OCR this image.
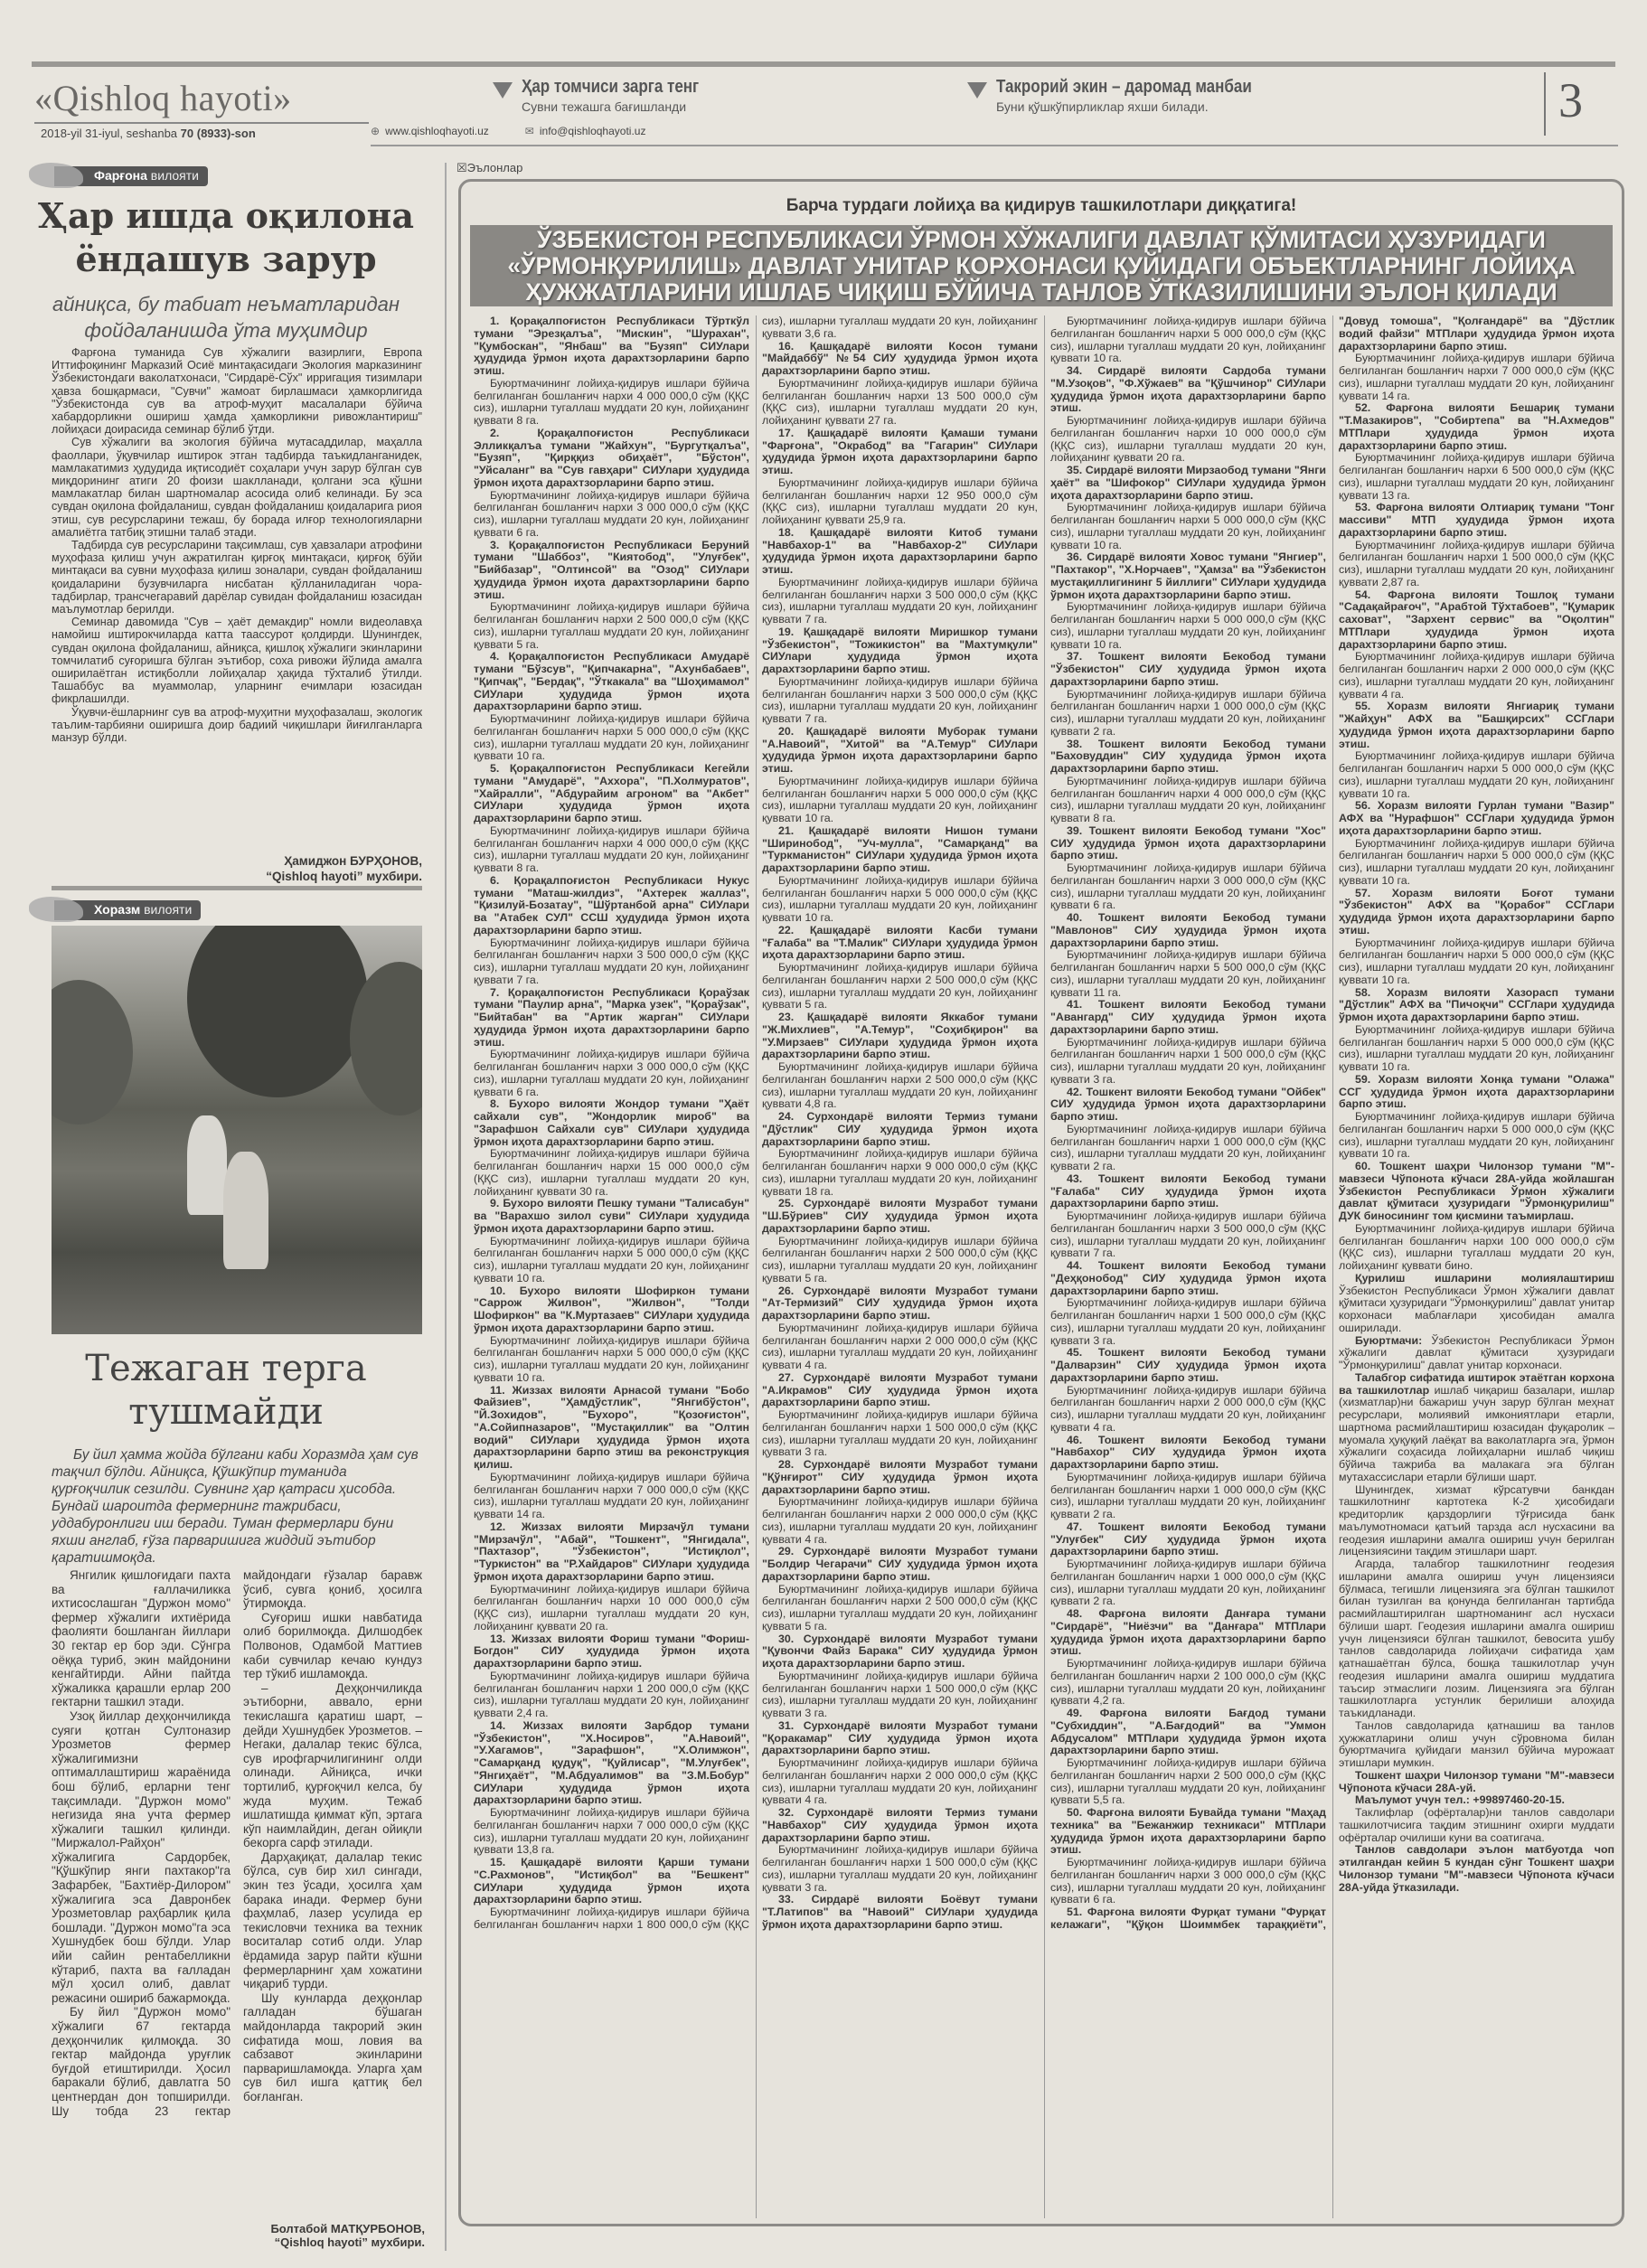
«Qishloq hayoti»
2018-yil 31-iyul, seshanba 70 (8933)-son	⊕ www.qishloqhayoti.uz	✉ info@qishloqhayoti.uz
Ҳар томчиси зарга тенг
Сувни тежашга бағишланди
Такрорий экин – даромад манбаи
Буни қўшкўпирликлар яхши билади.	3
Фарғона вилояти
Ҳар ишда оқилона ёндашув зарур
айниқса, бу табиат неъматларидан фойдаланишда ўта муҳимдир

Фарғона туманида Сув хўжалиги вазирлиги, Европа Иттифоқининг Марказий Осиё минтақасидаги Экология марказининг Ўзбекистондаги ваколатхонаси, "Сирдарё-Сўх" ирригация тизимлари ҳавза бошқармаси, "Сувчи" жамоат бирлашмаси ҳамкорлигида "Ўзбекистонда сув ва атроф-муҳит масалалари бўйича хабардорликни ошириш ҳамда ҳамкорликни ривожлантириш" лойиҳаси доирасида семинар бўлиб ўтди.

Сув хўжалиги ва экология бўйича мутасаддилар, маҳалла фаоллари, ўқувчилар иштирок этган тадбирда таъкидланганидек, мамлакатимиз ҳудудида иқтисодиёт соҳалари учун зарур бўлган сув миқдорининг атиги 20 фоизи шаклланади, қолгани эса қўшни мамлакатлар билан шартномалар асосида олиб келинади. Бу эса сувдан оқилона фойдаланиш, сувдан фойдаланиш қоидаларига риоя этиш, сув ресурсларини тежаш, бу борада илғор технологияларни амалиётга татбиқ этишни талаб этади.

Тадбирда сув ресурсларини тақсимлаш, сув ҳавзалари атрофини муҳофаза қилиш учун ажратилган қирғоқ минтақаси, қирғоқ бўйи минтақаси ва сувни муҳофаза қилиш зоналари, сувдан фойдаланиш қоидаларини бузувчиларга нисбатан қўлланиладиган чора-тадбирлар, трансчегаравий дарёлар сувидан фойдаланиш юзасидан маълумотлар берилди.

Семинар давомида "Сув – ҳаёт демакдир" номли видеолавҳа намойиш иштирокчиларда катта таассурот қолдирди. Шунингдек, сувдан оқилона фойдаланиш, айниқса, қишлоқ хўжалиги экинларини томчилатиб суғоришга бўлган эътибор, соха ривожи йўлида амалга оширилаётган истиқболли лойиҳалар ҳақида тўхталиб ўтилди. Ташаббус ва муаммолар, уларнинг ечимлари юзасидан фикрлашилди.

Ўқувчи-ёшларнинг сув ва атроф-муҳитни муҳофазалаш, экологик таълим-тарбияни оширишга доир бадиий чиқишлари йиғилганларга манзур бўлди.

Ҳамиджон БУРҲОНОВ,
“Qishloq hayoti” мухбири.
Хоразм вилояти
Тежаган терга тушмайди
Бу йил ҳамма жойда бўлгани каби Хоразмда ҳам сув тақчил бўлди. Айниқса, Қўшкўпир туманида қурғоқчилик сезилди. Сувнинг ҳар қатраси ҳисобда. Бундай шароитда фермернинг тажрибаси, уддабуронлиги иш беради. Туман фермерлари буни яхши англаб, ғўза парваришига жиддий эътибор қаратишмоқда.

Янгилик қишлоғидаги пахта ва ғаллачиликка ихтисослашган "Дуржон момо" фермер хўжалиги ихтиёрида фаолияти бошланган йиллари 30 гектар ер бор эди. Сўнгра оёққа туриб, экин майдонини кенгайтирди. Айни пайтда хўжаликка қарашли ерлар 200 гектарни ташкил этади.

Узоқ йиллар деҳқончиликда суяги қотган Султоназир Урозметов фермер хўжалигимизни оптималлаштириш жараёнида бош бўлиб, ерларни тенг тақсимлади. "Дуржон момо" негизида яна учта фермер хўжалиги ташкил қилинди. "Миржалол-Райҳон" хўжалигига Сардорбек, "Қўшкўпир янги пахтакор"га Зафарбек, "Бахтиёр-Дилором" хўжалигига эса Давронбек Урозметовлар раҳбарлик қила бошлади. "Дуржон момо"га эса Хушнудбек бош бўлди. Улар ийи сайин рентабелликни кўтариб, пахта ва ғалладан мўл ҳосил олиб, давлат режасини ошириб бажармоқда.

Бу йил "Дуржон момо" хўжалиги 67 гектарда деҳқончилик қилмоқда. 30 гектар майдонда уруғлик буғдой етиштирилди. Ҳосил баракали бўлиб, давлатга 50 центнердан дон топширилди. Шу тобда 23 гектар майдондаги ғўзалар баравж ўсиб, сувга қониб, ҳосилга ўтирмоқда.

Суғориш ишки навбатида олиб борилмоқда. Дилшодбек Полвонов, Одамбой Маттиев каби сувчилар кечаю кундуз тер тўкиб ишламоқда.

– Деҳқончиликда эътиборни, аввало, ерни текислашга қаратиш шарт, – дейди Хушнудбек Урозметов. – Негаки, далалар текис бўлса, сув ирофгарчилигининг олди олинади. Айниқса, ички тортилиб, қурғоқчил келса, бу жуда муҳим. Тежаб ишлатишда қиммат кўп, эртага кўп наимлайдин, деган ойиқли бекорга сарф этилади.

Дарҳақиқат, далалар текис бўлса, сув бир хил сингади, экин тез ўсади, ҳосилга ҳам барака инади. Фермер буни фаҳмлаб, лазер усулида ер текисловчи техника ва техник воситалар сотиб олди. Улар ёрдамида зарур пайти кўшни фермерларнинг ҳам хожатини чиқариб турди.

Шу кунларда деҳқонлар галладан бўшаган майдонларда такрорий экин сифатида мош, ловия ва сабзавот экинларини парваришламоқда. Уларга ҳам сув бил ишга қаттиқ бел боғланган.

Болтабой МАТҚУРБОНОВ,
“Qishloq hayoti” мухбири.
☒Эълонлар
Барча турдаги лойиҳа ва қидирув ташкилотлари диққатига!
ЎЗБЕКИСТОН РЕСПУБЛИКАСИ ЎРМОН ХЎЖАЛИГИ ДАВЛАТ ҚЎМИТАСИ ҲУЗУРИДАГИ
«ЎРМОНҚУРИЛИШ» ДАВЛАТ УНИТАР КОРХОНАСИ ҚУЙИДАГИ ОБЪЕКТЛАРНИНГ ЛОЙИҲА
ҲУЖЖАТЛАРИНИ ИШЛАБ ЧИҚИШ БЎЙИЧА ТАНЛОВ ЎТКАЗИЛИШИНИ ЭЪЛОН ҚИЛАДИ

1. Қорақалпоғистон Республикаси Тўрткўл тумани "Эрезқалъа", "Мискин", "Шурахан", "Қумбоскан", "Янбаш" ва "Бузяп" СИУлари ҳудудида ўрмон иҳота дарахтзорларини барпо этиш.

Буюртмачининг лойиҳа-қидирув ишлари бўйича белгиланган бошланғич нархи 4 000 000,0 сўм (ҚҚС сиз), ишларни тугаллаш муддати 20 кун, лойиҳанинг қуввати 8 га.

2.	Қорақалпоғистон Республикаси Элликқалъа тумани "Жайхун", "Бургутқалъа", "Бузяп", "Қирққиз обиҳаёт", "Бўстон", "Уйсаланг" ва "Сув гавҳари" СИУлари ҳудудида ўрмон иҳота дарахтзорларини барпо этиш.

Буюртмачининг лойиҳа-қидирув ишлари бўйича белгиланган бошланғич нархи 3 000 000,0 сўм (ҚҚС сиз), ишларни тугаллаш муддати 20 кун, лойиҳанинг қуввати 6 га.

3. Қорақалпоғистон Республикаси Беруний тумани "Шаббоз", "Киятобод", "Улуғбек", "Бийбазар", "Олтинсой" ва "Озод" СИУлари ҳудудида ўрмон иҳота дарахтзорларини барпо этиш.

Буюртмачининг лойиҳа-қидирув ишлари бўйича белгиланган бошланғич нархи 2 500 000,0 сўм (ҚҚС сиз), ишларни тугаллаш муддати 20 кун, лойиҳанинг қуввати 5 га.

4. Қорақалпоғистон Республикаси Амударё тумани "Бўзсув", "Қипчакарна", "Ахунбабаев", "Қипчақ", "Бердақ", "Ўткакала" ва "Шоҳимамол" СИУлари ҳудудида ўрмон иҳота дарахтзорларини барпо этиш.

Буюртмачининг лойиҳа-қидирув ишлари бўйича белгиланган бошланғич нархи 5 000 000,0 сўм (ҚҚС сиз), ишларни тугаллаш муддати 20 кун, лойиҳанинг қуввати 10 га.

5. Қорақалпоғистон Республикаси Кегейли тумани "Амударё", "Аххора", "П.Холмуратов", "Хайралли", "Абдурайим агроном" ва "Акбет" СИУлари ҳудудида ўрмон иҳота дарахтзорларини барпо этиш.

Буюртмачининг лойиҳа-қидирув ишлари бўйича белгиланган бошланғич нархи 4 000 000,0 сўм (ҚҚС сиз), ишларни тугаллаш муддати 20 кун, лойиҳанинг қуввати 8 га.

6. Қорақалпоғистон Республикаси Нукус тумани "Маташ-жилдиз", "Ахтерек жаллаз", "Қизилуй-Бозатау", "Шўртанбой арна" СИУлари ва "Атабек СУЛ" ССШ ҳудудида ўрмон иҳота дарахтзорларини барпо этиш.

Буюртмачининг лойиҳа-қидирув ишлари бўйича белгиланган бошланғич нархи 3 500 000,0 сўм (ҚҚС сиз), ишларни тугаллаш муддати 20 кун, лойиҳанинг қуввати 7 га.

7. Қорақалпоғистон Республикаси Қораўзак тумани "Паулир арна", "Марка узек", "Қораўзак", "Бийтабан" ва "Артик жарган" СИУлари ҳудудида ўрмон иҳота дарахтзорларини барпо этиш.

Буюртмачининг лойиҳа-қидирув ишлари бўйича белгиланган бошланғич нархи 3 000 000,0 сўм (ҚҚС сиз), ишларни тугаллаш муддати 20 кун, лойиҳанинг қуввати 6 га.

8. Бухоро вилояти Жондор тумани "Ҳаёт сайхали сув", "Жондорлик мироб" ва "Зарафшон Сайхали сув" СИУлари ҳудудида ўрмон иҳота дарахтзорларини барпо этиш.

Буюртмачининг лойиҳа-қидирув ишлари бўйича белгиланган бошланғич нархи 15 000 000,0 сўм (ҚҚС сиз), ишларни тугаллаш муддати 20 кун, лойиҳанинг қуввати 30 га.

9. Бухоро вилояти Пешку тумани "Талисабун" ва "Варахшо зилол суви" СИУлари ҳудудида ўрмон иҳота дарахтзорларини барпо этиш.

Буюртмачининг лойиҳа-қидирув ишлари бўйича белгиланган бошланғич нархи 5 000 000,0 сўм (ҚҚС сиз), ишларни тугаллаш муддати 20 кун, лойиҳанинг қуввати 10 га.

10. Бухоро вилояти Шофиркон тумани "Саррож Жилвон", "Жилвон", "Толди Шофиркон" ва "К.Муртазаев" СИУлари ҳудудида ўрмон иҳота дарахтзорларини барпо этиш.

Буюртмачининг лойиҳа-қидирув ишлари бўйича белгиланган бошланғич нархи 5 000 000,0 сўм (ҚҚС сиз), ишларни тугаллаш муддати 20 кун, лойиҳанинг қуввати 10 га.

11. Жиззах вилояти Арнасой тумани "Бобо Файзиев", "Ҳамдўстлик", "Янгибўстон", "Й.Зохидов", "Бухоро", "Қозоғистон", "А.Сойипназаров", "Мустақиллик" ва "Олтин водий" СИУлари ҳудудида ўрмон иҳота дарахтзорларини барпо этиш ва реконструкция қилиш.

Буюртмачининг лойиҳа-қидирув ишлари бўйича белгиланган бошланғич нархи 7 000 000,0 сўм (ҚҚС сиз), ишларни тугаллаш муддати 20 кун, лойиҳанинг қуввати 14 га.

12. Жиззах вилояти Мирзачўл тумани "Мирзачўл", "Абай", "Тошкент", "Янгидала", "Пахтазор", "Ўзбекистон", "Истиқлол", "Туркистон" ва "Р.Хайдаров" СИУлари ҳудудида ўрмон иҳота дарахтзорларини барпо этиш.

Буюртмачининг лойиҳа-қидирув ишлари бўйича белгиланган бошланғич нархи 10 000 000,0 сўм (ҚҚС сиз), ишларни тугаллаш муддати 20 кун, лойиҳанинг қуввати 20 га.

13. Жиззах вилояти Фориш тумани "Фориш-Богдон" СИУ ҳудудида ўрмон иҳота дарахтзорларини барпо этиш.

Буюртмачининг лойиҳа-қидирув ишлари бўйича белгиланган бошланғич нархи 1 200 000,0 сўм (ҚҚС сиз), ишларни тугаллаш муддати 20 кун, лойиҳанинг қуввати 2,4 га.

14. Жиззах вилояти Зарбдор тумани "Ўзбекистон", "Х.Носиров", "А.Навоий", "У.Хагамов", "Зарафшон", "Х.Олимжон", "Самарқанд қудуқ", "Қуйлисар", "М.Улуғбек", "Янгиҳаёт", "М.Абдуалимов" ва "З.М.Бобур" СИУлари ҳудудида ўрмон иҳота дарахтзорларини барпо этиш.

Буюртмачининг лойиҳа-қидирув ишлари бўйича белгиланган бошланғич нархи 7 000 000,0 сўм (ҚҚС сиз), ишларни тугаллаш муддати 20 кун, лойиҳанинг қуввати 13,8 га.

15. Қашқадарё вилояти Қарши тумани "С.Рахмонов", "Истиқбол" ва "Бешкент" СИУлари ҳудудида ўрмон иҳота дарахтзорларини барпо этиш.

Буюртмачининг лойиҳа-қидирув ишлари бўйича белгиланган бошланғич нархи 1 800 000,0 сўм (ҚҚС сиз), ишларни тугаллаш муддати 20 кун, лойиҳанинг қуввати 3,6 га.

16. Қашқадарё вилояти Косон тумани "Майдаббў" №54 СИУ ҳудудида ўрмон иҳота дарахтзорларини барпо этиш.

Буюртмачининг лойиҳа-қидирув ишлари бўйича белгиланган бошланғич нархи 13 500 000,0 сўм (ҚҚС сиз), ишларни тугаллаш муддати 20 кун, лойиҳанинг қуввати 27 га.

17. Қашқадарё вилояти Қамаши тумани "Фарғона", "Окрабод" ва "Гагарин" СИУлари ҳудудида ўрмон иҳота дарахтзорларини барпо этиш.

Буюртмачининг лойиҳа-қидирув ишлари бўйича белгиланган бошланғич нархи 12 950 000,0 сўм (ҚҚС сиз), ишларни тугаллаш муддати 20 кун, лойиҳанинг қуввати 25,9 га.

18. Қашқадарё вилояти Китоб тумани "Навбахор-1" ва "Навбахор-2" СИУлари ҳудудида ўрмон иҳота дарахтзорларини барпо этиш.

Буюртмачининг лойиҳа-қидирув ишлари бўйича белгиланган бошланғич нархи 3 500 000,0 сўм (ҚҚС сиз), ишларни тугаллаш муддати 20 кун, лойиҳанинг қуввати 7 га.

19. Қашқадарё вилояти Миришкор тумани "Ўзбекистон", "Тожикистон" ва "Махтумқули" СИУлари ҳудудида ўрмон иҳота дарахтзорларини барпо этиш.

Буюртмачининг лойиҳа-қидирув ишлари бўйича белгиланган бошланғич нархи 3 500 000,0 сўм (ҚҚС сиз), ишларни тугаллаш муддати 20 кун, лойиҳанинг қуввати 7 га.

20. Қашқадарё вилояти Муборак тумани "А.Навоий", "Хитой" ва "А.Темур" СИУлари ҳудудида ўрмон иҳота дарахтзорларини барпо этиш.

Буюртмачининг лойиҳа-қидирув ишлари бўйича белгиланган бошланғич нархи 5 000 000,0 сўм (ҚҚС сиз), ишларни тугаллаш муддати 20 кун, лойиҳанинг қуввати 10 га.

21. Қашқадарё вилояти Нишон тумани "Ширинобод", "Уч-мулла", "Самарқанд" ва "Туркманистон" СИУлари ҳудудида ўрмон иҳота дарахтзорларини барпо этиш.

Буюртмачининг лойиҳа-қидирув ишлари бўйича белгиланган бошланғич нархи 5 000 000,0 сўм (ҚҚС сиз), ишларни тугаллаш муддати 20 кун, лойиҳанинг қуввати 10 га.

22. Қашқадарё вилояти Касби тумани "Ғалаба" ва "Т.Малик" СИУлари ҳудудида ўрмон иҳота дарахтзорларини барпо этиш.

Буюртмачининг лойиҳа-қидирув ишлари бўйича белгиланган бошланғич нархи 2 500 000,0 сўм (ҚҚС сиз), ишларни тугаллаш муддати 20 кун, лойиҳанинг қуввати 5 га.

23. Қашқадарё вилояти Яккабоғ тумани "Ж.Михлиев", "А.Темур", "Соҳибқирон" ва "У.Мирзаев" СИУлари ҳудудида ўрмон иҳота дарахтзорларини барпо этиш.

Буюртмачининг лойиҳа-қидирув ишлари бўйича белгиланган бошланғич нархи 2 500 000,0 сўм (ҚҚС сиз), ишларни тугаллаш муддати 20 кун, лойиҳанинг қуввати 4,8 га.

24. Сурхондарё вилояти Термиз тумани "Дўстлик" СИУ ҳудудида ўрмон иҳота дарахтзорларини барпо этиш.

Буюртмачининг лойиҳа-қидирув ишлари бўйича белгиланган бошланғич нархи 9 000 000,0 сўм (ҚҚС сиз), ишларни тугаллаш муддати 20 кун, лойиҳанинг қуввати 18 га.

25. Сурхондарё вилояти Музработ тумани "Ш.Бўриев" СИУ ҳудудида ўрмон иҳота дарахтзорларини барпо этиш.

Буюртмачининг лойиҳа-қидирув ишлари бўйича белгиланган бошланғич нархи 2 500 000,0 сўм (ҚҚС сиз), ишларни тугаллаш муддати 20 кун, лойиҳанинг қуввати 5 га.

26. Сурхондарё вилояти Музработ тумани "Ат-Термизий" СИУ ҳудудида ўрмон иҳота дарахтзорларини барпо этиш.

Буюртмачининг лойиҳа-қидирув ишлари бўйича белгиланган бошланғич нархи 2 000 000,0 сўм (ҚҚС сиз), ишларни тугаллаш муддати 20 кун, лойиҳанинг қуввати 4 га.

27. Сурхондарё вилояти Музработ тумани "А.Икрамов" СИУ ҳудудида ўрмон иҳота дарахтзорларини барпо этиш.

Буюртмачининг лойиҳа-қидирув ишлари бўйича белгиланган бошланғич нархи 1 500 000,0 сўм (ҚҚС сиз), ишларни тугаллаш муддати 20 кун, лойиҳанинг қуввати 3 га.

28. Сурхондарё вилояти Музработ тумани "Қўнғирот" СИУ ҳудудида ўрмон иҳота дарахтзорларини барпо этиш.

Буюртмачининг лойиҳа-қидирув ишлари бўйича белгиланган бошланғич нархи 2 000 000,0 сўм (ҚҚС сиз), ишларни тугаллаш муддати 20 кун, лойиҳанинг қуввати 4 га.

29. Сурхондарё вилояти Музработ тумани "Болдир Чегарачи" СИУ ҳудудида ўрмон иҳота дарахтзорларини барпо этиш.

Буюртмачининг лойиҳа-қидирув ишлари бўйича белгиланган бошланғич нархи 2 500 000,0 сўм (ҚҚС сиз), ишларни тугаллаш муддати 20 кун, лойиҳанинг қуввати 5 га.

30. Сурхондарё вилояти Музработ тумани "Қувончи Файз Барака" СИУ ҳудудида ўрмон иҳота дарахтзорларини барпо этиш.

Буюртмачининг лойиҳа-қидирув ишлари бўйича белгиланган бошланғич нархи 1 500 000,0 сўм (ҚҚС сиз), ишларни тугаллаш муддати 20 кун, лойиҳанинг қуввати 3 га.

31. Сурхондарё вилояти Музработ тумани "Қоракамар" СИУ ҳудудида ўрмон иҳота дарахтзорларини барпо этиш.

Буюртмачининг лойиҳа-қидирув ишлари бўйича белгиланган бошланғич нархи 2 000 000,0 сўм (ҚҚС сиз), ишларни тугаллаш муддати 20 кун, лойиҳанинг қуввати 4 га.

32. Сурхондарё вилояти Термиз тумани "Навбахор" СИУ ҳудудида ўрмон иҳота дарахтзорларини барпо этиш.

Буюртмачининг лойиҳа-қидирув ишлари бўйича белгиланган бошланғич нархи 1 500 000,0 сўм (ҚҚС сиз), ишларни тугаллаш муддати 20 кун, лойиҳанинг қуввати 3 га.

33. Сирдарё вилояти Боёвут тумани "Т.Латипов" ва "Навоий" СИУлари ҳудудида ўрмон иҳота дарахтзорларини барпо этиш.

Буюртмачининг лойиҳа-қидирув ишлари бўйича белгиланган бошланғич нархи 5 000 000,0 сўм (ҚҚС сиз), ишларни тугаллаш муддати 20 кун, лойиҳанинг қуввати 10 га.

34. Сирдарё вилояти Сардоба тумани "М.Узоқов", "Ф.Хўжаев" ва "Қўшчинор" СИУлари ҳудудида ўрмон иҳота дарахтзорларини барпо этиш.

Буюртмачининг лойиҳа-қидирув ишлари бўйича белгиланган бошланғич нархи 10 000 000,0 сўм (ҚҚС сиз), ишларни тугаллаш муддати 20 кун, лойиҳанинг қуввати 20 га.

35. Сирдарё вилояти Мирзаобод тумани "Янги ҳаёт" ва "Шифокор" СИУлари ҳудудида ўрмон иҳота дарахтзорларини барпо этиш.

Буюртмачининг лойиҳа-қидирув ишлари бўйича белгиланган бошланғич нархи 5 000 000,0 сўм (ҚҚС сиз), ишларни тугаллаш муддати 20 кун, лойиҳанинг қуввати 10 га.

36. Сирдарё вилояти Ховос тумани "Янгиер", "Пахтакор", "Х.Норчаев", "Ҳамза" ва "Ўзбекистон мустақиллигининг 5 йиллиги" СИУлари ҳудудида ўрмон иҳота дарахтзорларини барпо этиш.

Буюртмачининг лойиҳа-қидирув ишлари бўйича белгиланган бошланғич нархи 5 000 000,0 сўм (ҚҚС сиз), ишларни тугаллаш муддати 20 кун, лойиҳанинг қуввати 10 га.

37. Тошкент вилояти Бекобод тумани "Ўзбекистон" СИУ ҳудудида ўрмон иҳота дарахтзорларини барпо этиш.

Буюртмачининг лойиҳа-қидирув ишлари бўйича белгиланган бошланғич нархи 1 000 000,0 сўм (ҚҚС сиз), ишларни тугаллаш муддати 20 кун, лойиҳанинг қуввати 2 га.

38. Тошкент вилояти Бекобод тумани "Баховуддин" СИУ ҳудудида ўрмон иҳота дарахтзорларини барпо этиш.

Буюртмачининг лойиҳа-қидирув ишлари бўйича белгиланган бошланғич нархи 4 000 000,0 сўм (ҚҚС сиз), ишларни тугаллаш муддати 20 кун, лойиҳанинг қуввати 8 га.

39. Тошкент вилояти Бекобод тумани "Хос" СИУ ҳудудида ўрмон иҳота дарахтзорларини барпо этиш.

Буюртмачининг лойиҳа-қидирув ишлари бўйича белгиланган бошланғич нархи 3 000 000,0 сўм (ҚҚС сиз), ишларни тугаллаш муддати 20 кун, лойиҳанинг қуввати 6 га.

40. Тошкент вилояти Бекобод тумани "Мавлонов" СИУ ҳудудида ўрмон иҳота дарахтзорларини барпо этиш.

Буюртмачининг лойиҳа-қидирув ишлари бўйича белгиланган бошланғич нархи 5 500 000,0 сўм (ҚҚС сиз), ишларни тугаллаш муддати 20 кун, лойиҳанинг қуввати 11 га.

41. Тошкент вилояти Бекобод тумани "Авангард" СИУ ҳудудида ўрмон иҳота дарахтзорларини барпо этиш.

Буюртмачининг лойиҳа-қидирув ишлари бўйича белгиланган бошланғич нархи 1 500 000,0 сўм (ҚҚС сиз), ишларни тугаллаш муддати 20 кун, лойиҳанинг қуввати 3 га.

42. Тошкент вилояти Бекобод тумани "Ойбек" СИУ ҳудудида ўрмон иҳота дарахтзорларини барпо этиш.

Буюртмачининг лойиҳа-қидирув ишлари бўйича белгиланган бошланғич нархи 1 000 000,0 сўм (ҚҚС сиз), ишларни тугаллаш муддати 20 кун, лойиҳанинг қуввати 2 га.

43. Тошкент вилояти Бекобод тумани "Ғалаба" СИУ ҳудудида ўрмон иҳота дарахтзорларини барпо этиш.

Буюртмачининг лойиҳа-қидирув ишлари бўйича белгиланган бошланғич нархи 3 500 000,0 сўм (ҚҚС сиз), ишларни тугаллаш муддати 20 кун, лойиҳанинг қуввати 7 га.

44. Тошкент вилояти Бекобод тумани "Деҳқонобод" СИУ ҳудудида ўрмон иҳота дарахтзорларини барпо этиш.

Буюртмачининг лойиҳа-қидирув ишлари бўйича белгиланган бошланғич нархи 1 500 000,0 сўм (ҚҚС сиз), ишларни тугаллаш муддати 20 кун, лойиҳанинг қуввати 3 га.

45. Тошкент вилояти Бекобод тумани "Далварзин" СИУ ҳудудида ўрмон иҳота дарахтзорларини барпо этиш.

Буюртмачининг лойиҳа-қидирув ишлари бўйича белгиланган бошланғич нархи 2 000 000,0 сўм (ҚҚС сиз), ишларни тугаллаш муддати 20 кун, лойиҳанинг қуввати 4 га.

46. Тошкент вилояти Бекобод тумани "Навбахор" СИУ ҳудудида ўрмон иҳота дарахтзорларини барпо этиш.

Буюртмачининг лойиҳа-қидирув ишлари бўйича белгиланган бошланғич нархи 1 000 000,0 сўм (ҚҚС сиз), ишларни тугаллаш муддати 20 кун, лойиҳанинг қуввати 2 га.

47. Тошкент вилояти Бекобод тумани "Улуғбек" СИУ ҳудудида ўрмон иҳота дарахтзорларини барпо этиш.

Буюртмачининг лойиҳа-қидирув ишлари бўйича белгиланган бошланғич нархи 1 000 000,0 сўм (ҚҚС сиз), ишларни тугаллаш муддати 20 кун, лойиҳанинг қуввати 2 га.

48. Фарғона вилояти Данғара тумани "Сирдарё", "Ниёзчи" ва "Данғара" МТПлари ҳудудида ўрмон иҳота дарахтзорларини барпо этиш.

Буюртмачининг лойиҳа-қидирув ишлари бўйича белгиланган бошланғич нархи 2 100 000,0 сўм (ҚҚС сиз), ишларни тугаллаш муддати 20 кун, лойиҳанинг қуввати 4,2 га.

49. Фарғона вилояти Бағдод тумани "Субхиддин", "А.Бағдодий" ва "Уммон Абдусалом" МТПлари ҳудудида ўрмон иҳота дарахтзорларини барпо этиш.

Буюртмачининг лойиҳа-қидирув ишлари бўйича белгиланган бошланғич нархи 2 500 000,0 сўм (ҚҚС сиз), ишларни тугаллаш муддати 20 кун, лойиҳанинг қуввати 5,5 га.

50. Фарғона вилояти Бувайда тумани "Маҳад техника" ва "Бежанжир техникаси" МТПлари ҳудудида ўрмон иҳота дарахтзорларини барпо этиш.

Буюртмачининг лойиҳа-қидирув ишлари бўйича белгиланган бошланғич нархи 3 000 000,0 сўм (ҚҚС сиз), ишларни тугаллаш муддати 20 кун, лойиҳанинг қуввати 6 га.

51. Фарғона вилояти Фурқат тумани "Фурқат келажаги", "Қўқон Шоиммбек тараққиёти", "Довуд томоша", "Қолғандарё" ва "Дўстлик водий файзи" МТПлари ҳудудида ўрмон иҳота дарахтзорларини барпо этиш.

Буюртмачининг лойиҳа-қидирув ишлари бўйича белгиланган бошланғич нархи 7 000 000,0 сўм (ҚҚС сиз), ишларни тугаллаш муддати 20 кун, лойиҳанинг қуввати 14 га.

52. Фарғона вилояти Бешариқ тумани "Т.Мазакиров", "Собиртепа" ва "Н.Ахмедов" МТПлари ҳудудида ўрмон иҳота дарахтзорларини барпо этиш.

Буюртмачининг лойиҳа-қидирув ишлари бўйича белгиланган бошланғич нархи 6 500 000,0 сўм (ҚҚС сиз), ишларни тугаллаш муддати 20 кун, лойиҳанинг қуввати 13 га.

53. Фарғона вилояти Олтиариқ тумани "Тонг массиви" МТП ҳудудида ўрмон иҳота дарахтзорларини барпо этиш.

Буюртмачининг лойиҳа-қидирув ишлари бўйича белгиланган бошланғич нархи 1 500 000,0 сўм (ҚҚС сиз), ишларни тугаллаш муддати 20 кун, лойиҳанинг қуввати 2,87 га.

54. Фарғона вилояти Тошлоқ тумани "Садақайрағоч", "Арабтой Тўхтабоев", "Қумарик саховат", "Зархент сервис" ва "Оқолтин" МТПлари ҳудудида ўрмон иҳота дарахтзорларини барпо этиш.

Буюртмачининг лойиҳа-қидирув ишлари бўйича белгиланган бошланғич нархи 2 000 000,0 сўм (ҚҚС сиз), ишларни тугаллаш муддати 20 кун, лойиҳанинг қуввати 4 га.

55. Хоразм вилояти Янгиариқ тумани "Жайҳун" АФХ ва "Башқирсих" ССГлари ҳудудида ўрмон иҳота дарахтзорларини барпо этиш.

Буюртмачининг лойиҳа-қидирув ишлари бўйича белгиланган бошланғич нархи 5 000 000,0 сўм (ҚҚС сиз), ишларни тугаллаш муддати 20 кун, лойиҳанинг қуввати 10 га.

56. Хоразм вилояти Гурлан тумани "Вазир" АФХ ва "Нурафшон" ССГлари ҳудудида ўрмон иҳота дарахтзорларини барпо этиш.

Буюртмачининг лойиҳа-қидирув ишлари бўйича белгиланган бошланғич нархи 5 000 000,0 сўм (ҚҚС сиз), ишларни тугаллаш муддати 20 кун, лойиҳанинг қуввати 10 га.

57. Хоразм вилояти Боғот тумани "Ўзбекистон" АФХ ва "Қорабоғ" ССГлари ҳудудида ўрмон иҳота дарахтзорларини барпо этиш.

Буюртмачининг лойиҳа-қидирув ишлари бўйича белгиланган бошланғич нархи 5 000 000,0 сўм (ҚҚС сиз), ишларни тугаллаш муддати 20 кун, лойиҳанинг қуввати 10 га.

58. Хоразм вилояти Хазорасп тумани "Дўстлик" АФХ ва "Пичоқчи" ССГлари ҳудудида ўрмон иҳота дарахтзорларини барпо этиш.

Буюртмачининг лойиҳа-қидирув ишлари бўйича белгиланган бошланғич нархи 5 000 000,0 сўм (ҚҚС сиз), ишларни тугаллаш муддати 20 кун, лойиҳанинг қуввати 10 га.

59. Хоразм вилояти Хонқа тумани "Олажа" ССГ ҳудудида ўрмон иҳота дарахтзорларини барпо этиш.

Буюртмачининг лойиҳа-қидирув ишлари бўйича белгиланган бошланғич нархи 5 000 000,0 сўм (ҚҚС сиз), ишларни тугаллаш муддати 20 кун, лойиҳанинг қуввати 10 га.

60. Тошкент шаҳри Чилонзор тумани "М"-мавзеси Чўпонота кўчаси 28А-уйда жойлашган Ўзбекистон Республикаси Ўрмон хўжалиги давлат қўмитаси ҳузуридаги "Ўрмонқурилиш" ДУК биносининг том қисмини таъмирлаш.

Буюртмачининг лойиҳа-қидирув ишлари бўйича белгиланган бошланғич нархи 100 000 000,0 сўм (ҚҚС сиз), ишларни тугаллаш муддати 20 кун, лойиҳанинг қуввати бино.

Қурилиш ишларини молиялаштириш Ўзбекистон Республикаси Ўрмон хўжалиги давлат қўмитаси ҳузуридаги "Ўрмонқурилиш" давлат унитар корхонаси маблағлари ҳисобидан амалга оширилади.

Буюртмачи: Ўзбекистон Республикаси Ўрмон хўжалиги давлат қўмитаси ҳузуридаги "Ўрмонқурилиш" давлат унитар корхонаси.

Талабгор сифатида иштирок этаётган корхона ва ташкилотлар ишлаб чиқариш базалари, ишлар (хизматлар)ни бажариш учун зарур бўлган меҳнат ресурслари, молиявий имкониятлари етарли, шартнома расмийлаштириш юзасидан фуқаролик – муомала ҳуқуқий лаёқат ва ваколатларга эга, ўрмон хўжалиги соҳасида лойиҳаларни ишлаб чиқиш бўйича тажриба ва малакага эга бўлган мутахассислари етарли бўлиши шарт.

Шунингдек, хизмат кўрсатувчи банкдан ташкилотнинг картотека К-2 ҳисобидаги кредиторлик қарздорлиги тўғрисида банк маълумотномаси қатъий тарзда асл нусхасини ва геодезия ишларини амалга ошириш учун берилган лицензиясини тақдим этишлари шарт.

Агарда, талабгор ташкилотнинг геодезия ишларини амалга ошириш учун лицензияси бўлмаса, тегишли лицензияга эга бўлган ташкилот билан тузилган ва қонунда белгиланган тартибда расмийлаштирилган шартноманинг асл нусхаси бўлиши шарт. Геодезия ишларини амалга ошириш учун лицензияси бўлган ташкилот, бевосита ушбу танлов савдоларида лойиҳачи сифатида ҳам қатнашаётган бўлса, бошқа ташкилотлар учун геодезия ишларини амалга ошириш муддатига таъсир этмаслиги лозим. Лицензияга эга бўлган ташкилотларга устунлик берилиши алоҳида таъкидланади.

Танлов савдоларида қатнашиш ва танлов ҳужжатларини олиш учун сўровнома билан буюртмачига қуйидаги манзил бўйича мурожаат этишлари мумкин.

Тошкент шаҳри Чилонзор тумани "М"-мавзеси Чўпонота кўчаси 28А-уй.

Маълумот учун тел.: +99897460-20-15.

Таклифлар (офёрталар)ни танлов савдолари ташкилотчисига тақдим этишнинг охирги муддати офёрталар очилиши куни ва соатигача.

Танлов савдолари эълон матбуотда чоп этилгандан кейин 5 кундан сўнг Тошкент шаҳри Чилонзор тумани "М"-мавзеси Чўпонота кўчаси 28А-уйда ўтказилади.
